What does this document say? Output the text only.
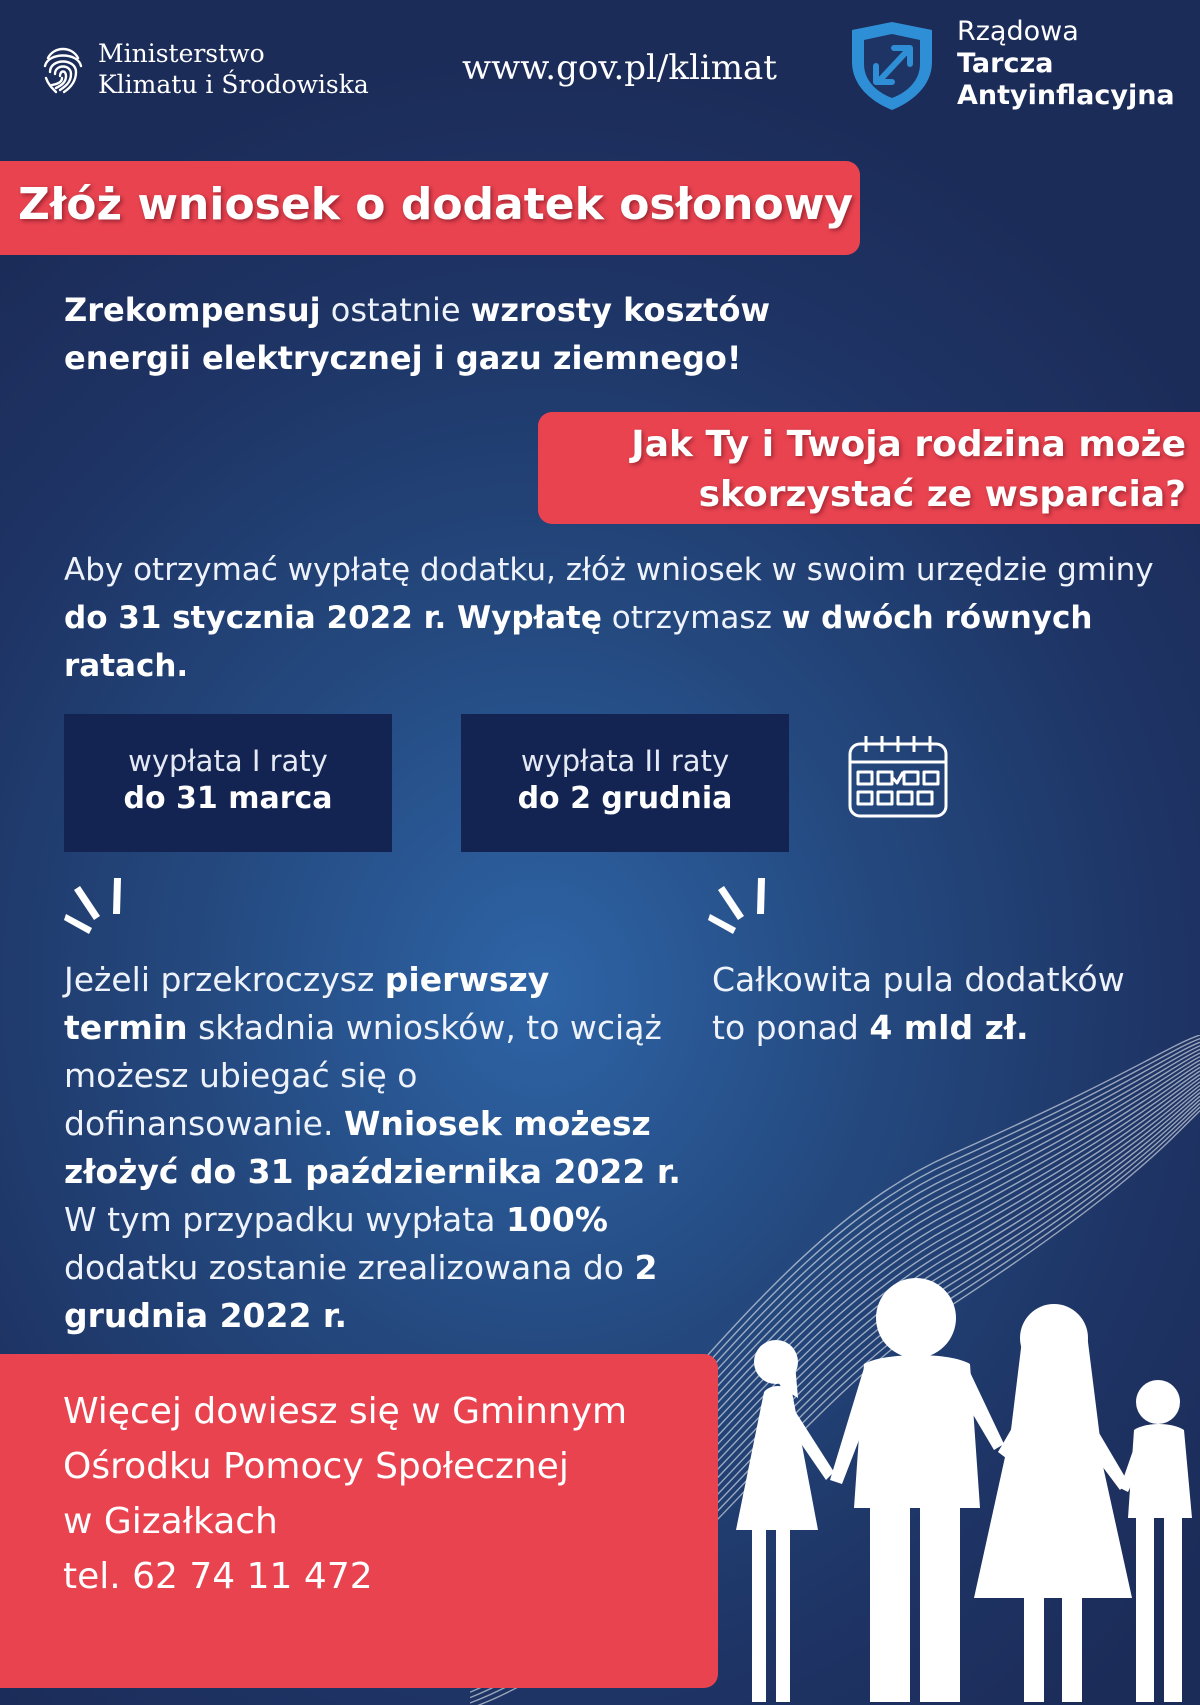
Ministerstwo
Klimatu i Środowiska	www.gov.pl/klimat
Rządowa
Tarcza
Antyinflacyjna
Złóż wniosek o dodatek osłonowy
Zrekompensuj ostatnie wzrosty kosztów energii elektrycznej i gazu ziemnego!
Jak Ty i Twoja rodzina może
skorzystać ze wsparcia?
Aby otrzymać wypłatę dodatku, złóż wniosek w swoim urzędzie gminy
do 31 stycznia 2022 r. Wypłatę otrzymasz w dwóch równych ratach.
wypłata I raty
do 31 marca
wypłata II raty
do 2 grudnia
Jeżeli przekroczysz pierwszy termin składnia wniosków, to wciąż możesz ubiegać się o dofinansowanie. Wniosek możesz złożyć do 31 października 2022 r. W tym przypadku wypłata 100% dodatku zostanie zrealizowana do 2 grudnia 2022 r.
Całkowita pula dodatków to ponad 4 mld zł.
Więcej dowiesz się w Gminnym
Ośrodku Pomocy Społecznej
w Gizałkach
tel. 62 74 11 472
